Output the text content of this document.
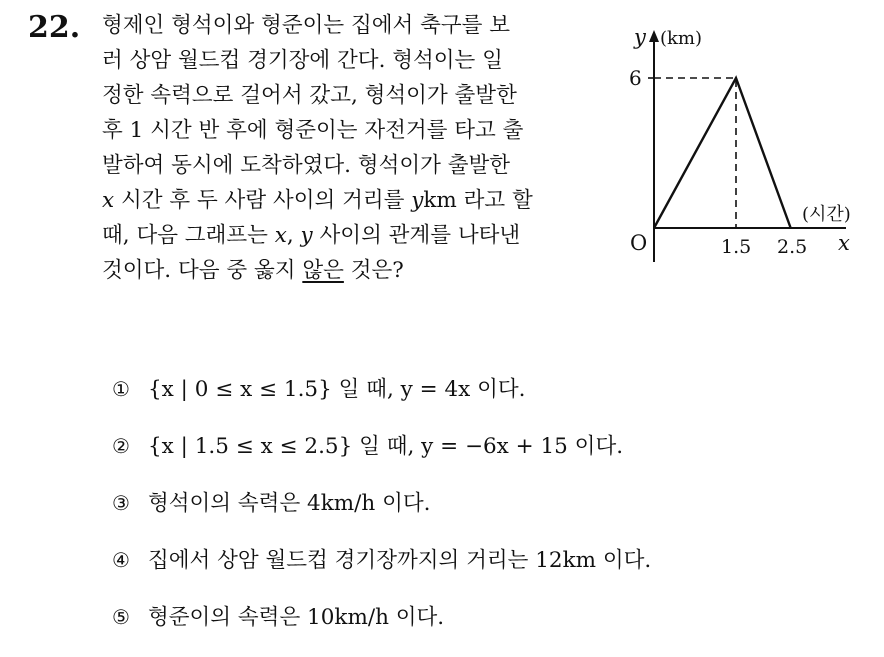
22. 형제인 형석이와 형준이는 집에서 축구를 보
러 상암 월드컵 경기장에 간다. 형석이는 일
정한 속력으로 걸어서 갔고, 형석이가 출발한
후 1 시간 반 후에 형준이는 자전거를 타고 출
발하여 동시에 도착하였다. 형석이가 출발한
x 시간 후 두 사람 사이의 거리를 ykm 라고 할
때, 다음 그래프는 x, y 사이의 관계를 나타낸
것이다. 다음 중 옳지 않은 것은?
y (km)
6
O	1.5 2.5
(시간)
x
① {x | 0 ≤ x ≤ 1.5} 일 때, y = 4x 이다.
② {x | 1.5 ≤ x ≤ 2.5} 일 때, y = −6x + 15 이다.
③ 형석이의 속력은 4km/h 이다.
④ 집에서 상암 월드컵 경기장까지의 거리는 12km 이다.
⑤ 형준이의 속력은 10km/h 이다.
